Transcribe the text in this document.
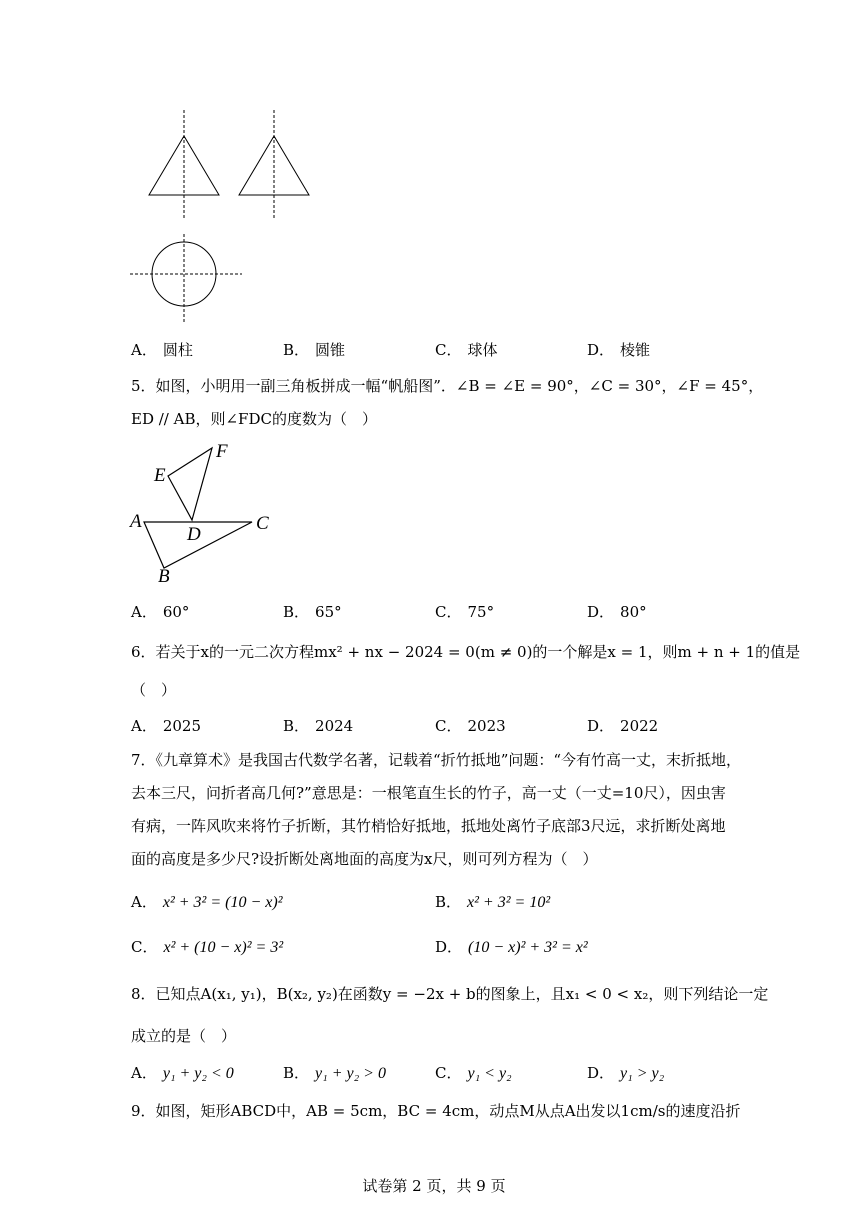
A． 圆柱	B． 圆锥	C． 球体	D． 棱锥
5．如图，小明用一副三角板拼成一幅“帆船图”．∠B = ∠E = 90°，∠C = 30°，∠F = 45°，
ED // AB，则∠FDC的度数为（　）
E
F
A
D
C
B
A． 60°	B． 65°	C． 75°	D． 80°
6．若关于x的一元二次方程mx² + nx − 2024 = 0(m ≠ 0)的一个解是x = 1，则m + n + 1的值是
（　）
A． 2025	B． 2024	C． 2023	D． 2022
7．《九章算术》是我国古代数学名著，记载着“折竹抵地”问题：“今有竹高一丈，末折抵地，
去本三尺，问折者高几何?”意思是：一根笔直生长的竹子，高一丈（一丈=10尺），因虫害
有病，一阵风吹来将竹子折断，其竹梢恰好抵地，抵地处离竹子底部3尺远，求折断处离地
面的高度是多少尺?设折断处离地面的高度为x尺，则可列方程为（　）
A． x² + 3² = (10 − x)²	B． x² + 3² = 10²
C． x² + (10 − x)² = 3²	D． (10 − x)² + 3² = x²
8．已知点A(x₁, y₁)，B(x₂, y₂)在函数y = −2x + b的图象上，且x₁ < 0 < x₂，则下列结论一定
成立的是（　）
A． y₁ + y₂ < 0	B． y₁ + y₂ > 0	C． y₁ < y₂	D． y₁ > y₂
9．如图，矩形ABCD中，AB = 5cm，BC = 4cm，动点M从点A出发以1cm/s的速度沿折
试卷第 2 页，共 9 页
